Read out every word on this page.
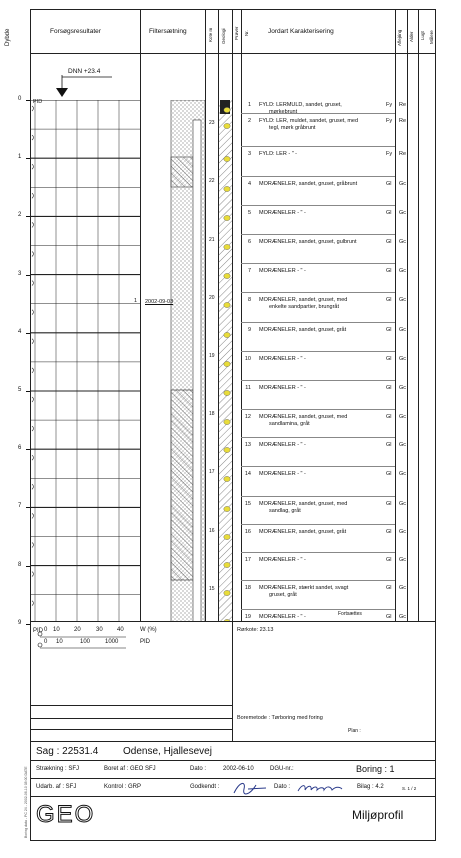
Dybde	Forsøgsresultater	Filtersætning	Kote m Geologi Prøver Nr.	Jordart Karakterisering	Aflejring Alder Lugt Målere
DNN +23.4
1 2002-09-03
0
1
2
3
4
5
6
7
8
9
23
22
21
20
19
18
17
16
15
PID
PID
1 FYLD: LERMULD, sandet, gruset,
mørkebrunt
Fy Re
2 FYLD: LER, muldet, sandet, gruset, med
tegl, mørk gråbrunt
Fy Re
3 FYLD: LER - " -	Fy Re
4 MORÆNELER, sandet, gruset, gråbrunt	Gl Gc
5 MORÆNELER - " -	Gl Gc
6 MORÆNELER, sandet, gruset, gulbrunt	Gl Gc
7 MORÆNELER - " -	Gl Gc
8 MORÆNELER, sandet, gruset, med
enkelte sandpartier, brungråt
Gl Gc
9 MORÆNELER, sandet, gruset, gråt	Gl Gc
10 MORÆNELER - " -	Gl Gc
11 MORÆNELER - " -	Gl Gc
12 MORÆNELER, sandet, gruset, med
sandlamina, gråt
Gl Gc
13 MORÆNELER - " -	Gl Gc
14 MORÆNELER - " -	Gl Gc
15 MORÆNELER, sandet, gruset, med
sandlag, gråt
Gl Gc
16 MORÆNELER, sandet, gruset, gråt	Gl Gc
17 MORÆNELER - " -	Gl Gc
18 MORÆNELER, stærkt sandet, svagt
gruset, gråt
Gl Gc
19 MORÆNELER - " -	Gl Gc
Fortsættes
0 10 20	30 40	W (%)
0 10	100 1000	PID
Rørkote: 23.13
Boremetode : Tørboring med foring
Plan :
Sag : 22531.4 Odense, Hjallesevej
Strækning : SFJ	Boret af : GEO SFJ	Dato :	2002-06-10	DGU-nr.:	Boring : 1
Udarb. af : SFJ	Kontrol : GRP	Godkendt :	Dato :	Bilag : 4.2	S. 1 / 2
GEO	Miljøprofil
Boring data - PC 24 - 2002-06-10 08:00 DATE
